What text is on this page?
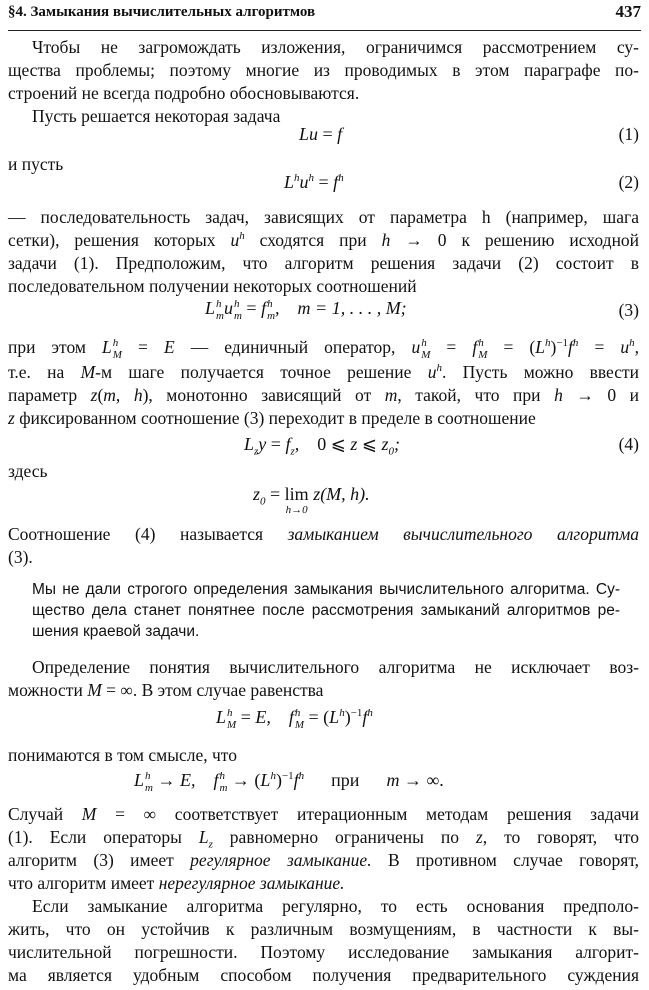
§4. Замыкания вычислительных алгоритмов	437
Чтобы не загромождать изложения, ограничимся рассмотрением су-
щества проблемы; поэтому многие из проводимых в этом параграфе по-
строений не всегда подробно обосновываются.
Пусть решается некоторая задача
Lu = f	(1)
и пусть
$L^hu^h = f^h$	(2)
— последовательность задач, зависящих от параметра h (например, шага
сетки), решения которых $u^h$ сходятся при h → 0 к решению исходной
задачи (1). Предположим, что алгоритм решения задачи (2) состоит в
последовательном получении некоторых соотношений
L h
m u h
m = f h
m ,    m = 1, . . . , M;	(3)
при этом L h
M = E — единичный оператор, u h
M = f h
$M = (L^h)^{-1}f^h = u^h$,
т.е. на M-м шаге получается точное решение $u^h$. Пусть можно ввести
параметр z(m, h), монотонно зависящий от m, такой, что при h → 0 и
z фиксированном соотношение (3) переходит в пределе в соотношение
$L_zy = f_z$,    0 ⩽ z ⩽ $z_0$;	(4)
здесь
$z_0 = \lim$
h→0
z(M, h).
Соотношение (4) называется замыканием вычислительного алгоритма
(3).
Мы не дали строгого определения замыкания вычислительного алгоритма. Су-
щество дела станет понятнее после рассмотрения замыканий алгоритмов ре-
шения краевой задачи.
Определение понятия вычислительного алгоритма не исключает воз-
можности M = ∞. В этом случае равенства
L h
M = E,    f h
$M = (L^h)^{-1}f^h$
понимаются в том смысле, что
L h
m → E,    f h
$m \to (L^h)^{-1}f^h$ при      m → ∞.
Случай M = ∞ соответствует итерационным методам решения задачи
(1). Если операторы $L_z$ равномерно ограничены по z, то говорят, что
алгоритм (3) имеет регулярное замыкание. В противном случае говорят,
что алгоритм имеет нерегулярное замыкание.
Если замыкание алгоритма регулярно, то есть основания предполо-
жить, что он устойчив к различным возмущениям, в частности к вы-
числительной погрешности. Поэтому исследование замыкания алгорит-
ма является удобным способом получения предварительного суждения
